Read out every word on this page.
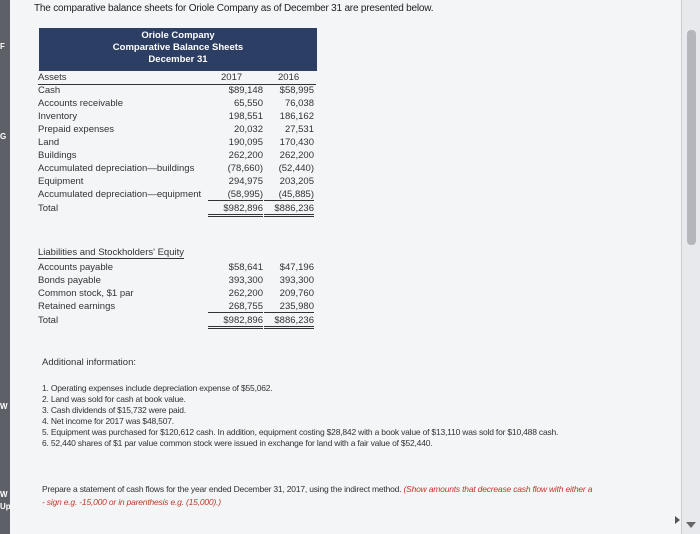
F
G
W
W
Up
The comparative balance sheets for Oriole Company as of December 31 are presented below.
Oriole Company
Comparative Balance Sheets
December 31
Assets	2017	2016
Cash	$89,148	$58,995
Accounts receivable	65,550	76,038
Inventory	198,551	186,162
Prepaid expenses	20,032	27,531
Land	190,095	170,430
Buildings	262,200	262,200
Accumulated depreciation—buildings	(78,660)	(52,440)
Equipment	294,975	203,205
Accumulated depreciation—equipment	(58,995)	(45,885)
Total	$982,896	$886,236
Liabilities and Stockholders' Equity
Accounts payable	$58,641	$47,196
Bonds payable	393,300	393,300
Common stock, $1 par	262,200	209,760
Retained earnings	268,755	235,980
Total	$982,896	$886,236
Additional information:
1. Operating expenses include depreciation expense of $55,062.
2. Land was sold for cash at book value.
3. Cash dividends of $15,732 were paid.
4. Net income for 2017 was $48,507.
5. Equipment was purchased for $120,612 cash. In addition, equipment costing $28,842 with a book value of $13,110 was sold for $10,488 cash.
6. 52,440 shares of $1 par value common stock were issued in exchange for land with a fair value of $52,440.
Prepare a statement of cash flows for the year ended December 31, 2017, using the indirect method. (Show amounts that decrease cash flow with either a
- sign e.g. -15,000 or in parenthesis e.g. (15,000).)
